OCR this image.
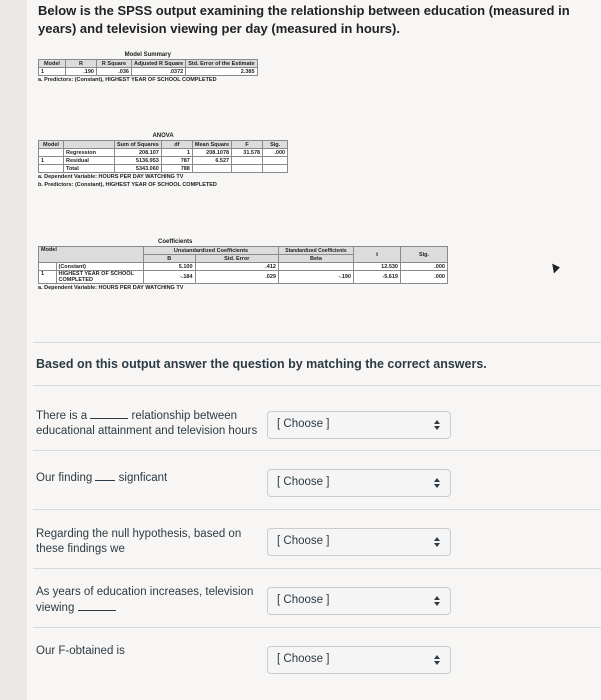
Below is the SPSS output examining the relationship between education (measured in years) and television viewing per day (measured in hours).
Model Summary
Model	R	R Square	Adjusted R Square	Std. Error of the Estimate
1	.190	.036	.0372	2.385
a. Predictors: (Constant), HIGHEST YEAR OF SCHOOL COMPLETED
ANOVA
Model		Sum of Squares	df	Mean Square	F	Sig.
	Regression	208.107	1	208.1078	31.578	.000
1	Residual	5136.953	787	6.527		
	Total	5343.060	788			
a. Dependent Variable: HOURS PER DAY WATCHING TV
b. Predictors: (Constant), HIGHEST YEAR OF SCHOOL COMPLETED
Coefficients
Model		Unstandardized Coefficients		Standardized Coefficients	t	Sig.
		B	Std. Error	Beta		
	(Constant)	5.100	.412		12.530	.000
1	HIGHEST YEAR OF SCHOOL COMPLETED	-.184	.029	-.190	-5.619	.000
a. Dependent Variable: HOURS PER DAY WATCHING TV
Based on this output answer the question by matching the correct answers.
There is a	relationship between educational attainment and television hours
[ Choose ]
Our finding signficant	[ Choose ]
Regarding the null hypothesis, based on these findings we
[ Choose ]
As years of education increases, television viewing
[ Choose ]
Our F-obtained is
[ Choose ]
